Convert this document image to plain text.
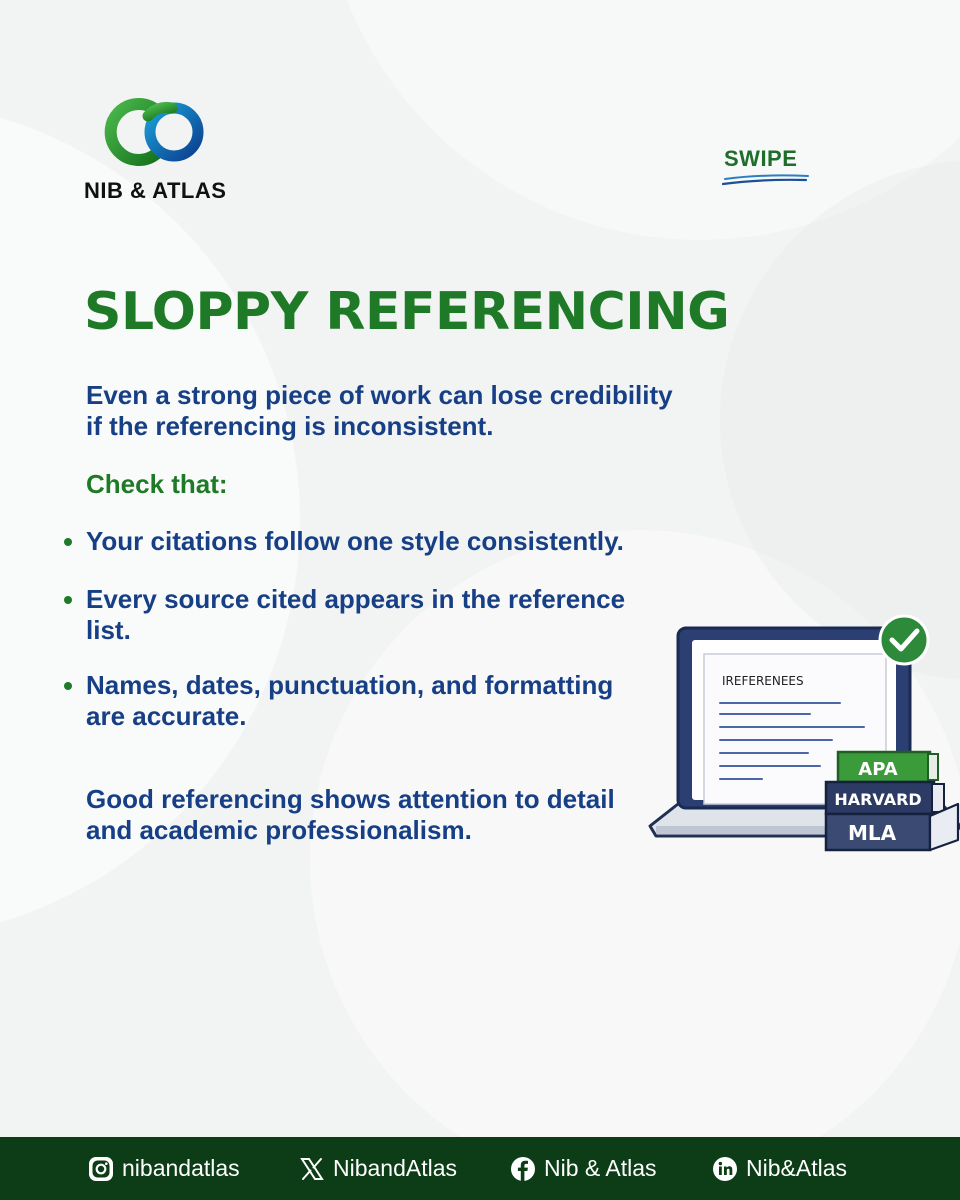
NIB & ATLAS
SWIPE
SLOPPY REFERENCING
Even a strong piece of work can lose credibility if the referencing is inconsistent.
Check that:
Your citations follow one style consistently.
Every source cited appears in the reference list.
Names, dates, punctuation, and formatting are accurate.
Good referencing shows attention to detail and academic professionalism.
IREFERENEES
APA
HARVARD
MLA
nibandatlas	NibandAtlas	Nib & Atlas	Nib&Atlas
